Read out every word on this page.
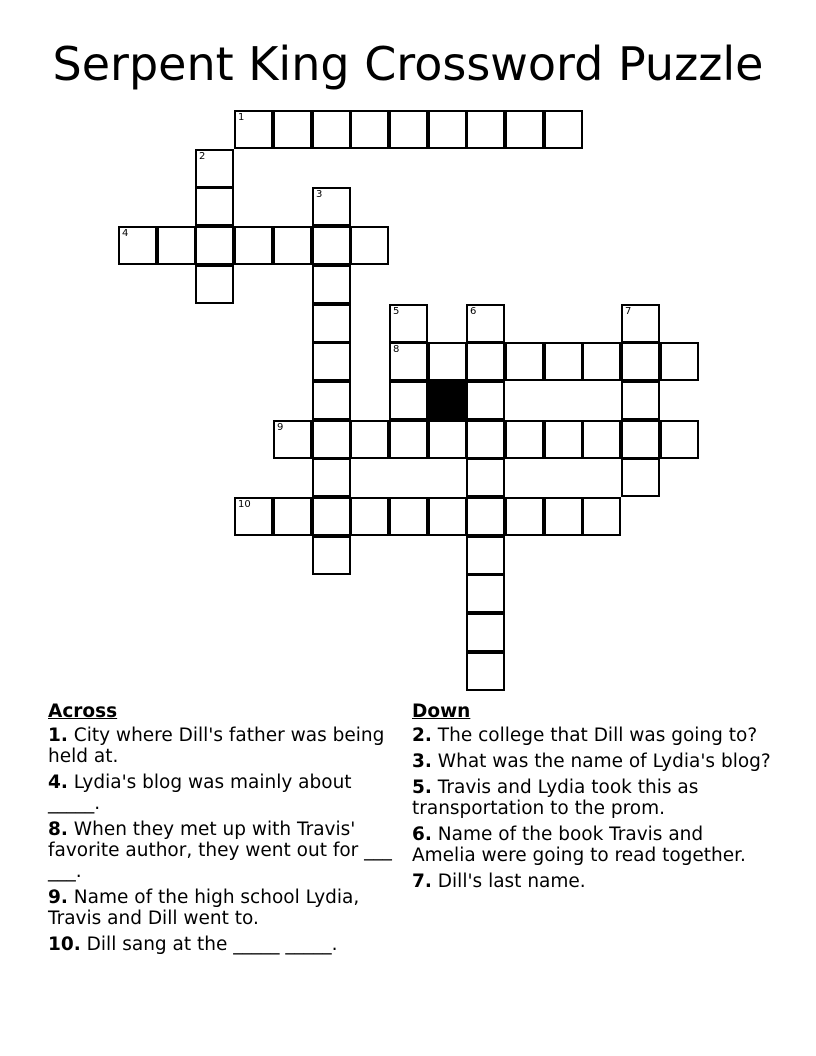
Serpent King Crossword Puzzle
1
2
3
4
5
8
6	7
9
10
Across
1. City where Dill's father was being held at.
4. Lydia's blog was mainly about _____.
8. When they met up with Travis' favorite author, they went out for ___ ___.
9. Name of the high school Lydia, Travis and Dill went to.
10. Dill sang at the _____ _____.
Down
2. The college that Dill was going to?
3. What was the name of Lydia's blog?
5. Travis and Lydia took this as transportation to the prom.
6. Name of the book Travis and Amelia were going to read together.
7. Dill's last name.
